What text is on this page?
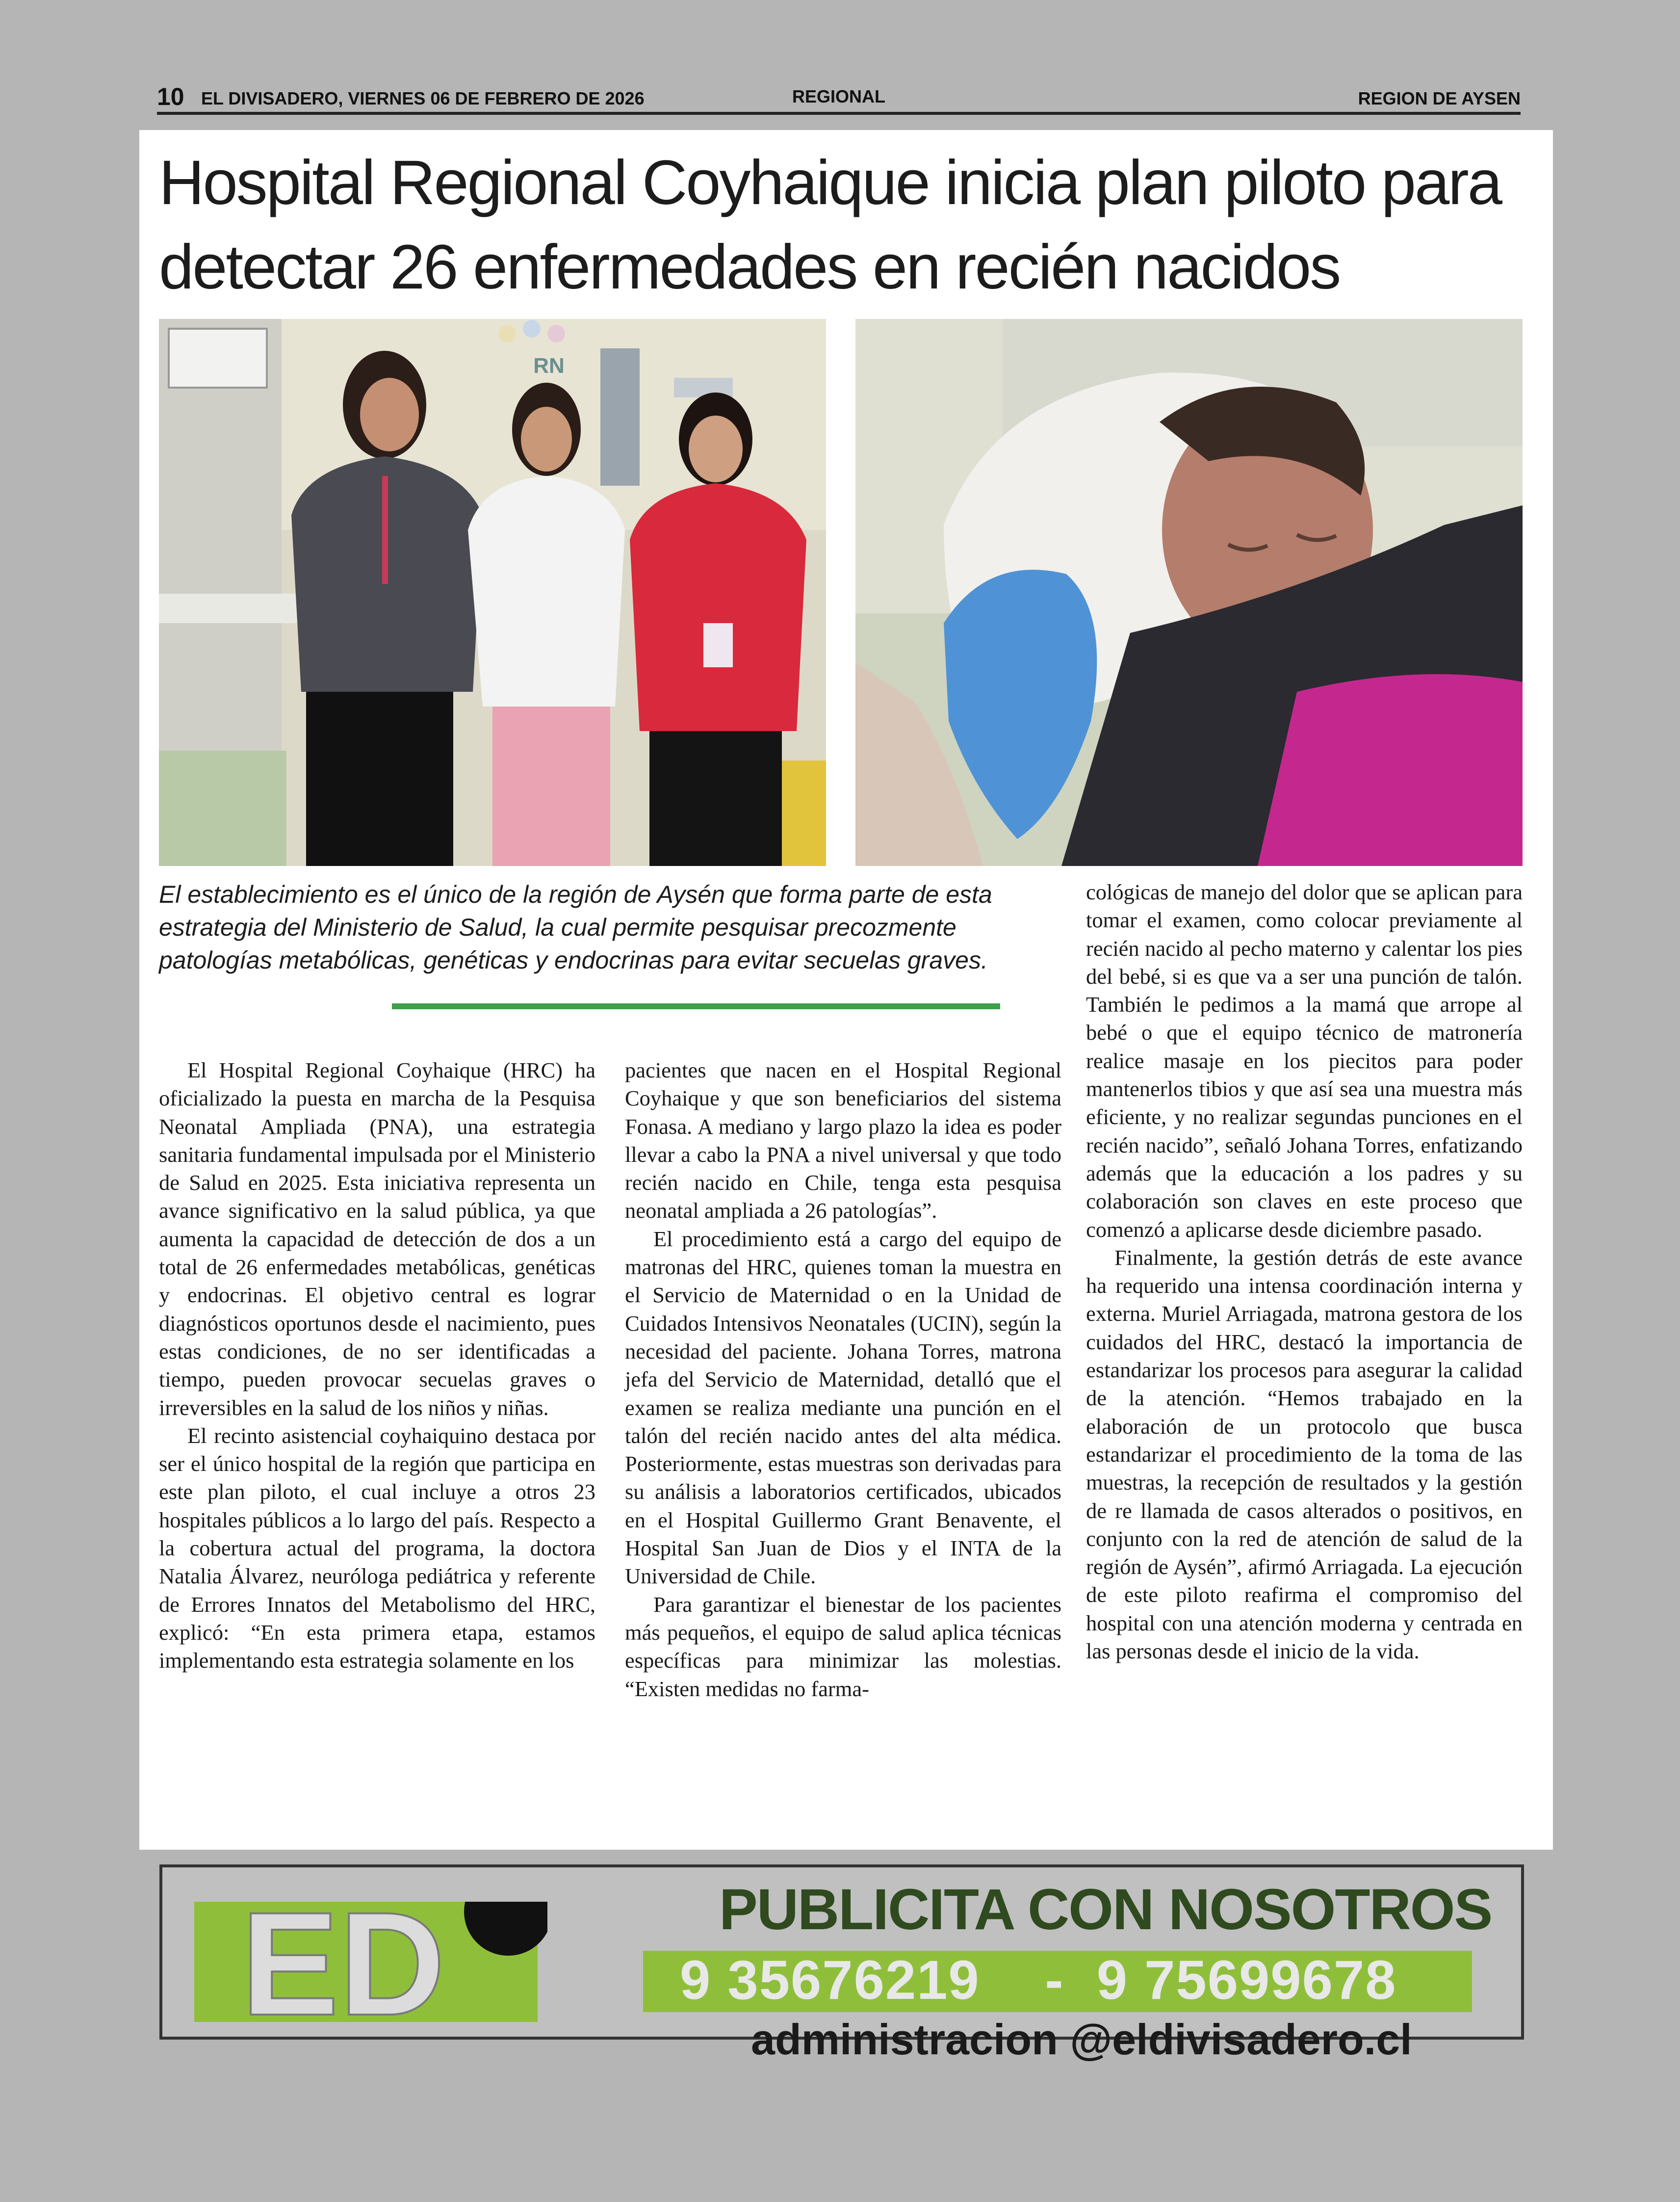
10 EL DIVISADERO, VIERNES 06 DE FEBRERO DE 2026	REGIONAL	REGION DE AYSEN
Hospital Regional Coyhaique inicia plan piloto para
detectar 26 enfermedades en recién nacidos
RN
El establecimiento es el único de la región de Aysén que forma parte de esta estrategia del Ministerio de Salud, la cual permite pesquisar precozmente patologías metabólicas, genéticas y endocrinas para evitar secuelas graves.

El Hospital Regional Coyhaique (HRC) ha oficializado la puesta en marcha de la Pesquisa Neonatal Ampliada (PNA), una estrategia sanitaria fundamental impulsada por el Ministerio de Salud en 2025. Esta iniciativa representa un avance significativo en la salud pública, ya que aumenta la capacidad de detección de dos a un total de 26 enfermedades metabólicas, genéticas y endocrinas. El objetivo central es lograr diagnósticos oportunos desde el nacimiento, pues estas condiciones, de no ser identificadas a tiempo, pueden provocar secuelas graves o irreversibles en la salud de los niños y niñas.

El recinto asistencial coyhaiquino destaca por ser el único hospital de la región que participa en este plan piloto, el cual incluye a otros 23 hospitales públicos a lo largo del país. Respecto a la cobertura actual del programa, la doctora Natalia Álvarez, neuróloga pediátrica y referente de Errores Innatos del Metabolismo del HRC, explicó: “En esta primera etapa, estamos implementando esta estrategia solamente en los

pacientes que nacen en el Hospital Regional Coyhaique y que son beneficiarios del sistema Fonasa. A mediano y largo plazo la idea es poder llevar a cabo la PNA a nivel universal y que todo recién nacido en Chile, tenga esta pesquisa neonatal ampliada a 26 patologías”.

El procedimiento está a cargo del equipo de matronas del HRC, quienes toman la muestra en el Servicio de Maternidad o en la Unidad de Cuidados Intensivos Neonatales (UCIN), según la necesidad del paciente. Johana Torres, matrona jefa del Servicio de Maternidad, detalló que el examen se realiza mediante una punción en el talón del recién nacido antes del alta médica. Posteriormente, estas muestras son derivadas para su análisis a laboratorios certificados, ubicados en el Hospital Guillermo Grant Benavente, el Hospital San Juan de Dios y el INTA de la Universidad de Chile.

Para garantizar el bienestar de los pacientes más pequeños, el equipo de salud aplica técnicas específicas para minimizar las molestias. “Existen medidas no farma-

cológicas de manejo del dolor que se aplican para tomar el examen, como colocar previamente al recién nacido al pecho materno y calentar los pies del bebé, si es que va a ser una punción de talón. También le pedimos a la mamá que arrope al bebé o que el equipo técnico de matronería realice masaje en los piecitos para poder mantenerlos tibios y que así sea una muestra más eficiente, y no realizar segundas punciones en el recién nacido”, señaló Johana Torres, enfatizando además que la educación a los padres y su colaboración son claves en este proceso que comenzó a aplicarse desde diciembre pasado.

Finalmente, la gestión detrás de este avance ha requerido una intensa coordinación interna y externa. Muriel Arriagada, matrona gestora de los cuidados del HRC, destacó la importancia de estandarizar los procesos para asegurar la calidad de la atención. “Hemos trabajado en la elaboración de un protocolo que busca estandarizar el procedimiento de la toma de las muestras, la recepción de resultados y la gestión de re llamada de casos alterados o positivos, en conjunto con la red de atención de salud de la región de Aysén”, afirmó Arriagada. La ejecución de este piloto reafirma el compromiso del hospital con una atención moderna y centrada en las personas desde el inicio de la vida.

ED	PUBLICITA CON NOSOTROS
9 35676219    -  9 75699678
administracion @eldivisadero.cl
